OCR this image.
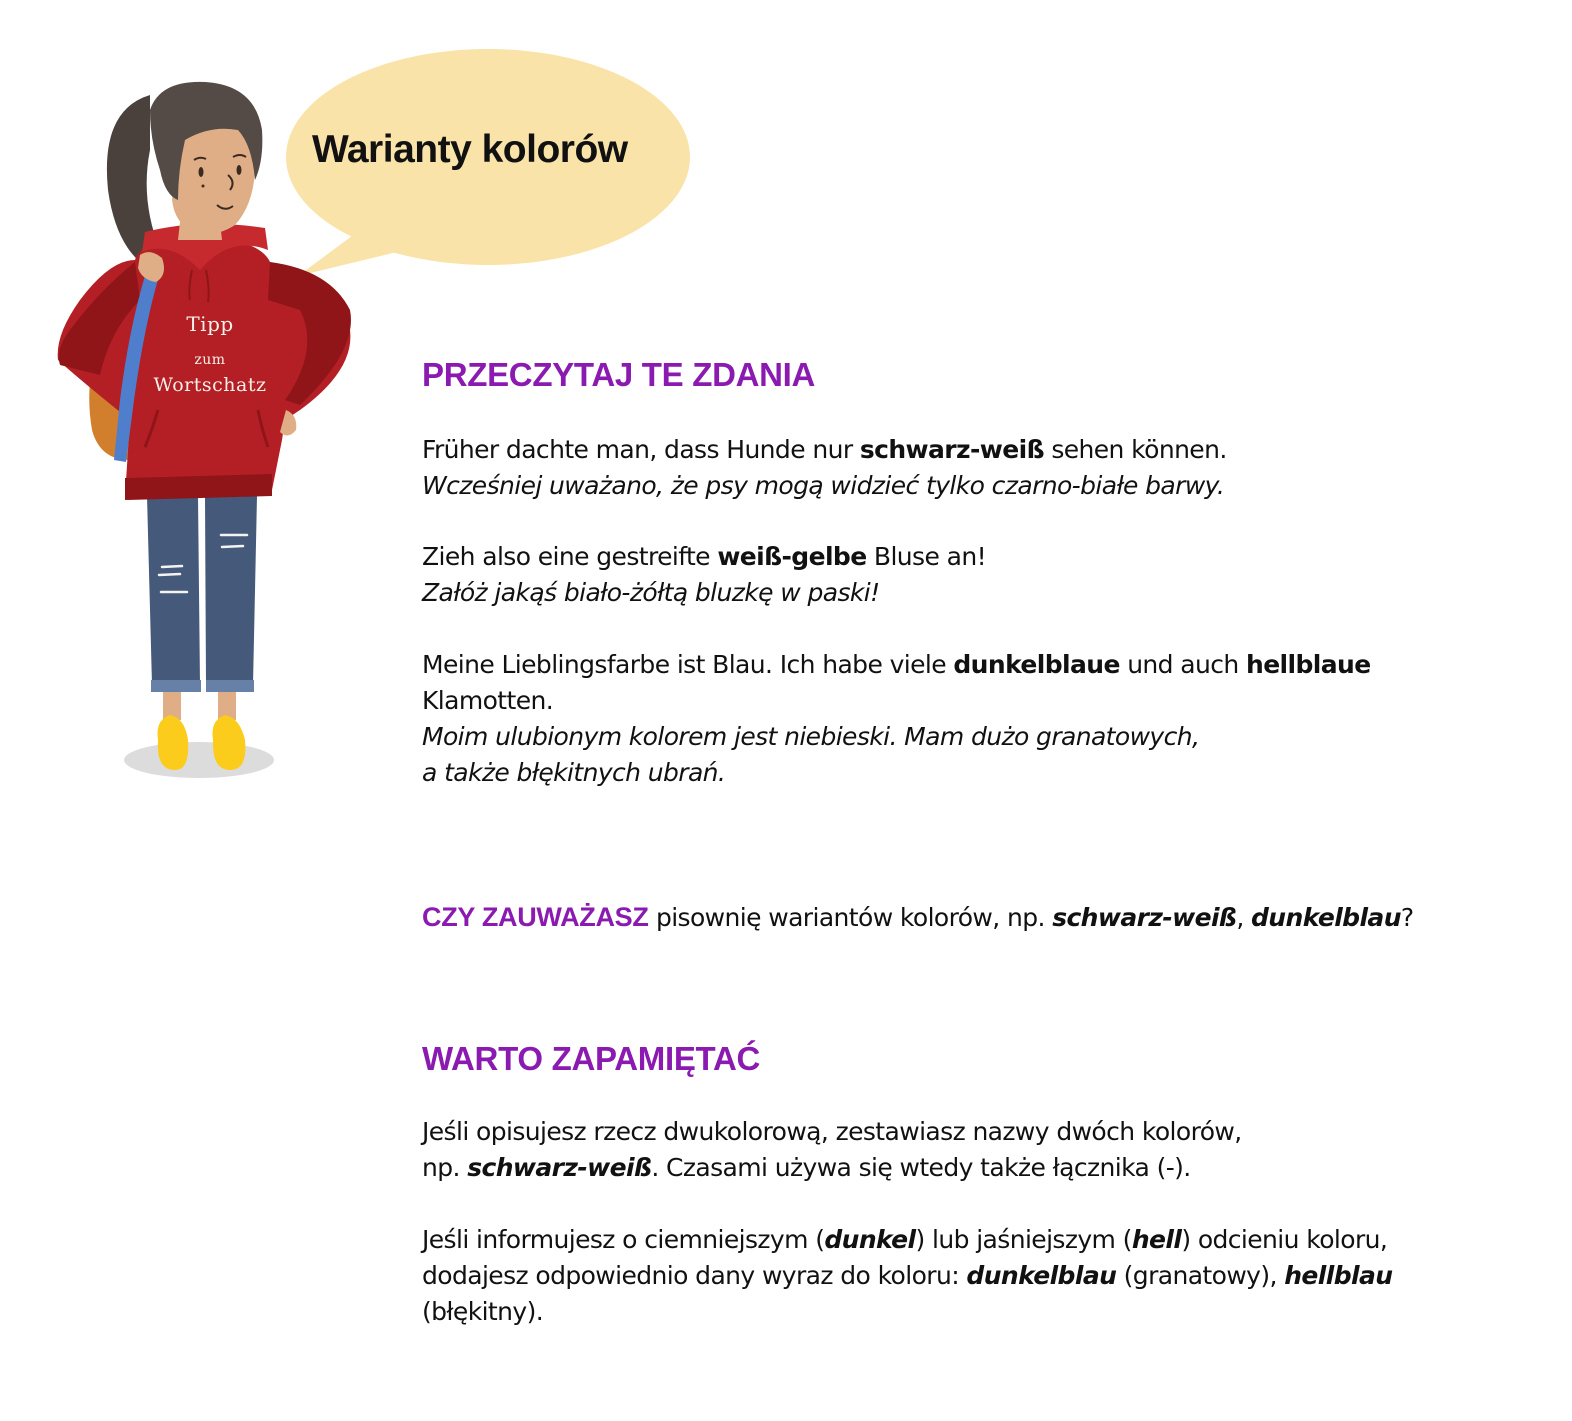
Warianty kolorów
Tipp
zum
Wortschatz	PRZECZYTAJ TE ZDANIA

Früher dachte man, dass Hunde nur schwarz-weiß sehen können.

Wcześniej uważano, że psy mogą widzieć tylko czarno-białe barwy.

Zieh also eine gestreifte weiß-gelbe Bluse an!

Załóż jakąś biało-żółtą bluzkę w paski!

Meine Lieblingsfarbe ist Blau. Ich habe viele dunkelblaue und auch hellblaue

Klamotten.

Moim ulubionym kolorem jest niebieski. Mam dużo granatowych,

a także błękitnych ubrań.

CZY ZAUWAŻASZ pisownię wariantów kolorów, np. schwarz-weiß, dunkelblau?

WARTO ZAPAMIĘTAĆ

Jeśli opisujesz rzecz dwukolorową, zestawiasz nazwy dwóch kolorów,

np. schwarz-weiß. Czasami używa się wtedy także łącznika (-).

Jeśli informujesz o ciemniejszym (dunkel) lub jaśniejszym (hell) odcieniu koloru,

dodajesz odpowiednio dany wyraz do koloru: dunkelblau (granatowy), hellblau

(błękitny).
